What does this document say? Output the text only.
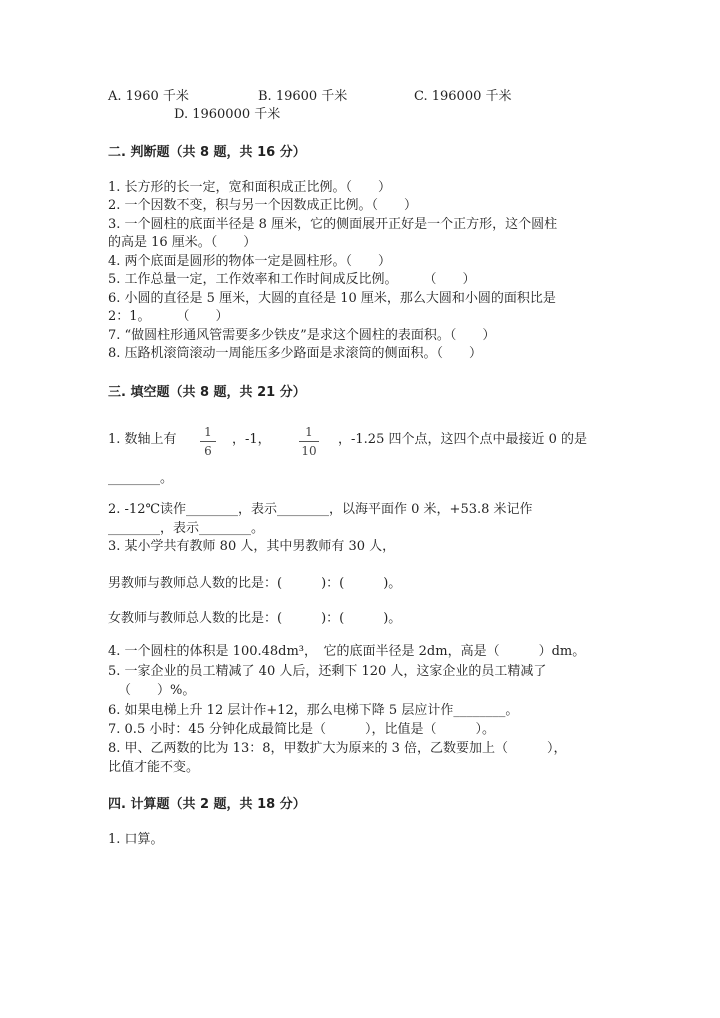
A. 1960 千米	B. 19600 千米	C. 196000 千米
D. 1960000 千米
二. 判断题（共 8 题，共 16 分）
1. 长方形的长一定，宽和面积成正比例。（　　）
2. 一个因数不变，积与另一个因数成正比例。（　　）
3. 一个圆柱的底面半径是 8 厘米，它的侧面展开正好是一个正方形，这个圆柱
的高是 16 厘米。（　　）
4. 两个底面是圆形的物体一定是圆柱形。（　　）
5. 工作总量一定，工作效率和工作时间成反比例。　　　（　　）
6. 小圆的直径是 5 厘米，大圆的直径是 10 厘米，那么大圆和小圆的面积比是
2：1。　　　（　　）
7. “做圆柱形通风管需要多少铁皮”是求这个圆柱的表面积。（　　）
8. 压路机滚筒滚动一周能压多少路面是求滚筒的侧面积。（　　）
三. 填空题（共 8 题，共 21 分）
1. 数轴上有	1
6
，-1，	1
10
，-1.25 四个点，这四个点中最接近 0 的是
________。
2. -12℃读作________，表示________，以海平面作 0 米，+53.8 米记作
________，表示________。
3. 某小学共有教师 80 人，其中男教师有 30 人，
男教师与教师总人数的比是：(　　　)：(　　　)。
女教师与教师总人数的比是：(　　　)：(　　　)。
4. 一个圆柱的体积是 100.48dm³，　它的底面半径是 2dm，高是（　　　）dm。
5. 一家企业的员工精减了 40 人后，还剩下 120 人，这家企业的员工精减了
（　　）%。
6. 如果电梯上升 12 层计作+12，那么电梯下降 5 层应计作________。
7. 0.5 小时：45 分钟化成最简比是（　　　），比值是（　　　）。
8. 甲、乙两数的比为 13：8，甲数扩大为原来的 3 倍，乙数要加上（　　　），
比值才能不变。
四. 计算题（共 2 题，共 18 分）
1. 口算。
